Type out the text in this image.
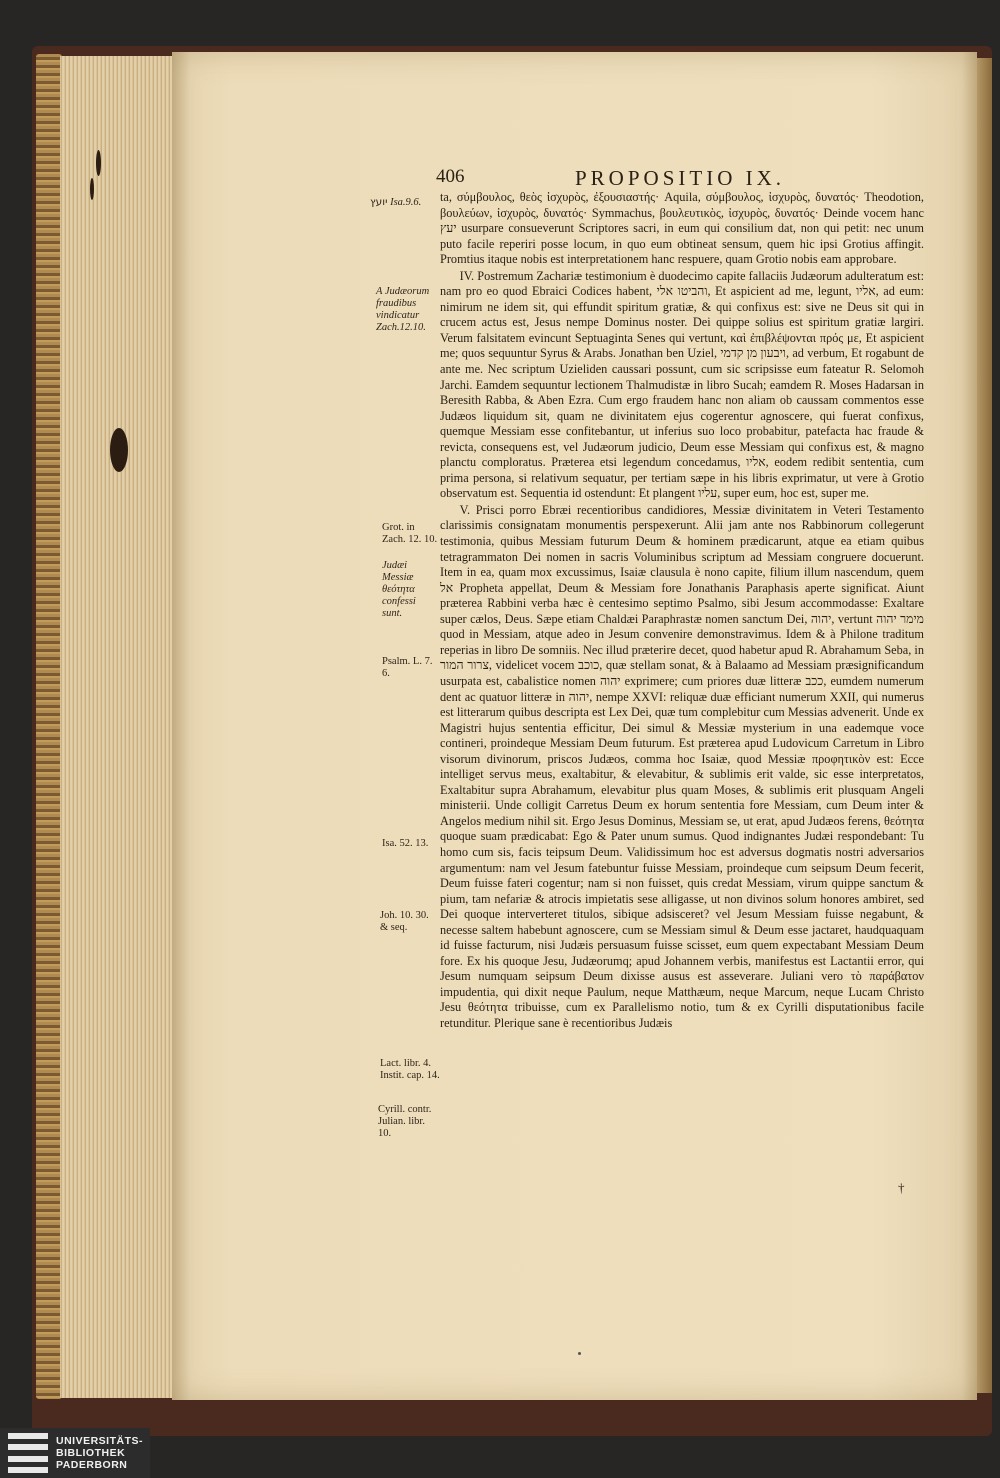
406	PROPOSITIO IX.
יועץ Isa.9.6.
A Judæorum fraudibus vindicatur Zach.12.10.
Grot. in Zach. 12. 10.
Judæi Messiæ θεότητα confessi sunt.
Psalm. L. 7. 6.
Isa. 52. 13.
Joh. 10. 30. & seq.
Lact. libr. 4. Instit. cap. 14.
Cyrill. contr. Julian. libr. 10.

ta, σύμβουλος, θεὸς ἰσχυρὸς, ἐξουσιαστής· Aquila, σύμβουλος, ἰσχυρὸς, δυνατός· Theodotion, βουλεύων, ἰσχυρὸς, δυνατός· Symmachus, βουλευτικὸς, ἰσχυρὸς, δυνατός· Deinde vocem hanc יעץ usurpare consueverunt Scriptores sacri, in eum qui consilium dat, non qui petit: nec unum puto facile reperiri posse locum, in quo eum obtineat sensum, quem hic ipsi Grotius affingit. Promtius itaque nobis est interpretationem hanc respuere, quam Grotio nobis eam approbare.

IV. Postremum Zachariæ testimonium è duodecimo capite fallaciis Judæorum adulteratum est: nam pro eo quod Ebraici Codices habent, והביטו אלי, Et aspicient ad me, legunt, אליו, ad eum: nimirum ne idem sit, qui effundit spiritum gratiæ, & qui confixus est: sive ne Deus sit qui in crucem actus est, Jesus nempe Dominus noster. Dei quippe solius est spiritum gratiæ largiri. Verum falsitatem evincunt Septuaginta Senes qui vertunt, καὶ ἐπιβλέψονται πρός με, Et aspicient me; quos sequuntur Syrus & Arabs. Jonathan ben Uziel, ויבעון מן קדמי, ad verbum, Et rogabunt de ante me. Nec scriptum Uzieliden caussari possunt, cum sic scripsisse eum fateatur R. Selomoh Jarchi. Eamdem sequuntur lectionem Thalmudistæ in libro Sucah; eamdem R. Moses Hadarsan in Beresith Rabba, & Aben Ezra. Cum ergo fraudem hanc non aliam ob caussam commentos esse Judæos liquidum sit, quam ne divinitatem ejus cogerentur agnoscere, qui fuerat confixus, quemque Messiam esse confitebantur, ut inferius suo loco probabitur, patefacta hac fraude & revicta, consequens est, vel Judæorum judicio, Deum esse Messiam qui confixus est, & magno planctu comploratus. Præterea etsi legendum concedamus, אליו, eodem redibit sententia, cum prima persona, si relativum sequatur, per tertiam sæpe in his libris exprimatur, ut vere à Grotio observatum est. Sequentia id ostendunt: Et plangent עליו, super eum, hoc est, super me.

V. Prisci porro Ebræi recentioribus candidiores, Messiæ divinitatem in Veteri Testamento clarissimis consignatam monumentis perspexerunt. Alii jam ante nos Rabbinorum collegerunt testimonia, quibus Messiam futurum Deum & hominem prædicarunt, atque ea etiam quibus tetragrammaton Dei nomen in sacris Voluminibus scriptum ad Messiam congruere docuerunt. Item in ea, quam mox excussimus, Isaiæ clausula è nono capite, filium illum nascendum, quem אל Propheta appellat, Deum & Messiam fore Jonathanis Paraphasis aperte significat. Aiunt præterea Rabbini verba hæc è centesimo septimo Psalmo, sibi Jesum accommodasse: Exaltare super cælos, Deus. Sæpe etiam Chaldæi Paraphrastæ nomen sanctum Dei, יהוה, vertunt מימר יהוה quod in Messiam, atque adeo in Jesum convenire demonstravimus. Idem & à Philone traditum reperias in libro De somniis. Nec illud præterire decet, quod habetur apud R. Abrahamum Seba, in צרור המור, videlicet vocem כוכב, quæ stellam sonat, & à Balaamo ad Messiam præsignificandum usurpata est, cabalistice nomen יהוה exprimere; cum priores duæ litteræ ככב, eumdem numerum dent ac quatuor litteræ in יהוה, nempe XXVI: reliquæ duæ efficiant numerum XXII, qui numerus est litterarum quibus descripta est Lex Dei, quæ tum complebitur cum Messias advenerit. Unde ex Magistri hujus sententia efficitur, Dei simul & Messiæ mysterium in una eademque voce contineri, proindeque Messiam Deum futurum. Est præterea apud Ludovicum Carretum in Libro visorum divinorum, priscos Judæos, comma hoc Isaiæ, quod Messiæ προφητικὸν est: Ecce intelliget servus meus, exaltabitur, & elevabitur, & sublimis erit valde, sic esse interpretatos, Exaltabitur supra Abrahamum, elevabitur plus quam Moses, & sublimis erit plusquam Angeli ministerii. Unde colligit Carretus Deum ex horum sententia fore Messiam, cum Deum inter & Angelos medium nihil sit. Ergo Jesus Dominus, Messiam se, ut erat, apud Judæos ferens, θεότητα quoque suam prædicabat: Ego & Pater unum sumus. Quod indignantes Judæi respondebant: Tu homo cum sis, facis teipsum Deum. Validissimum hoc est adversus dogmatis nostri adversarios argumentum: nam vel Jesum fatebuntur fuisse Messiam, proindeque cum seipsum Deum fecerit, Deum fuisse fateri cogentur; nam si non fuisset, quis credat Messiam, virum quippe sanctum & pium, tam nefariæ & atrocis impietatis sese alligasse, ut non divinos solum honores ambiret, sed Dei quoque interverteret titulos, sibique adsisceret? vel Jesum Messiam fuisse negabunt, & necesse saltem habebunt agnoscere, cum se Messiam simul & Deum esse jactaret, haudquaquam id fuisse facturum, nisi Judæis persuasum fuisse scisset, eum quem expectabant Messiam Deum fore. Ex his quoque Jesu, Judæorumq; apud Johannem verbis, manifestus est Lactantii error, qui Jesum numquam seipsum Deum dixisse ausus est asseverare. Juliani vero τὸ παράβατον impudentia, qui dixit neque Paulum, neque Matthæum, neque Marcum, neque Lucam Christo Jesu θεότητα tribuisse, cum ex Parallelismo notio, tum & ex Cyrilli disputationibus facile retunditur. Plerique sane è recentioribus Judæis

†
UNIVERSITÄTS-
BIBLIOTHEK
PADERBORN
